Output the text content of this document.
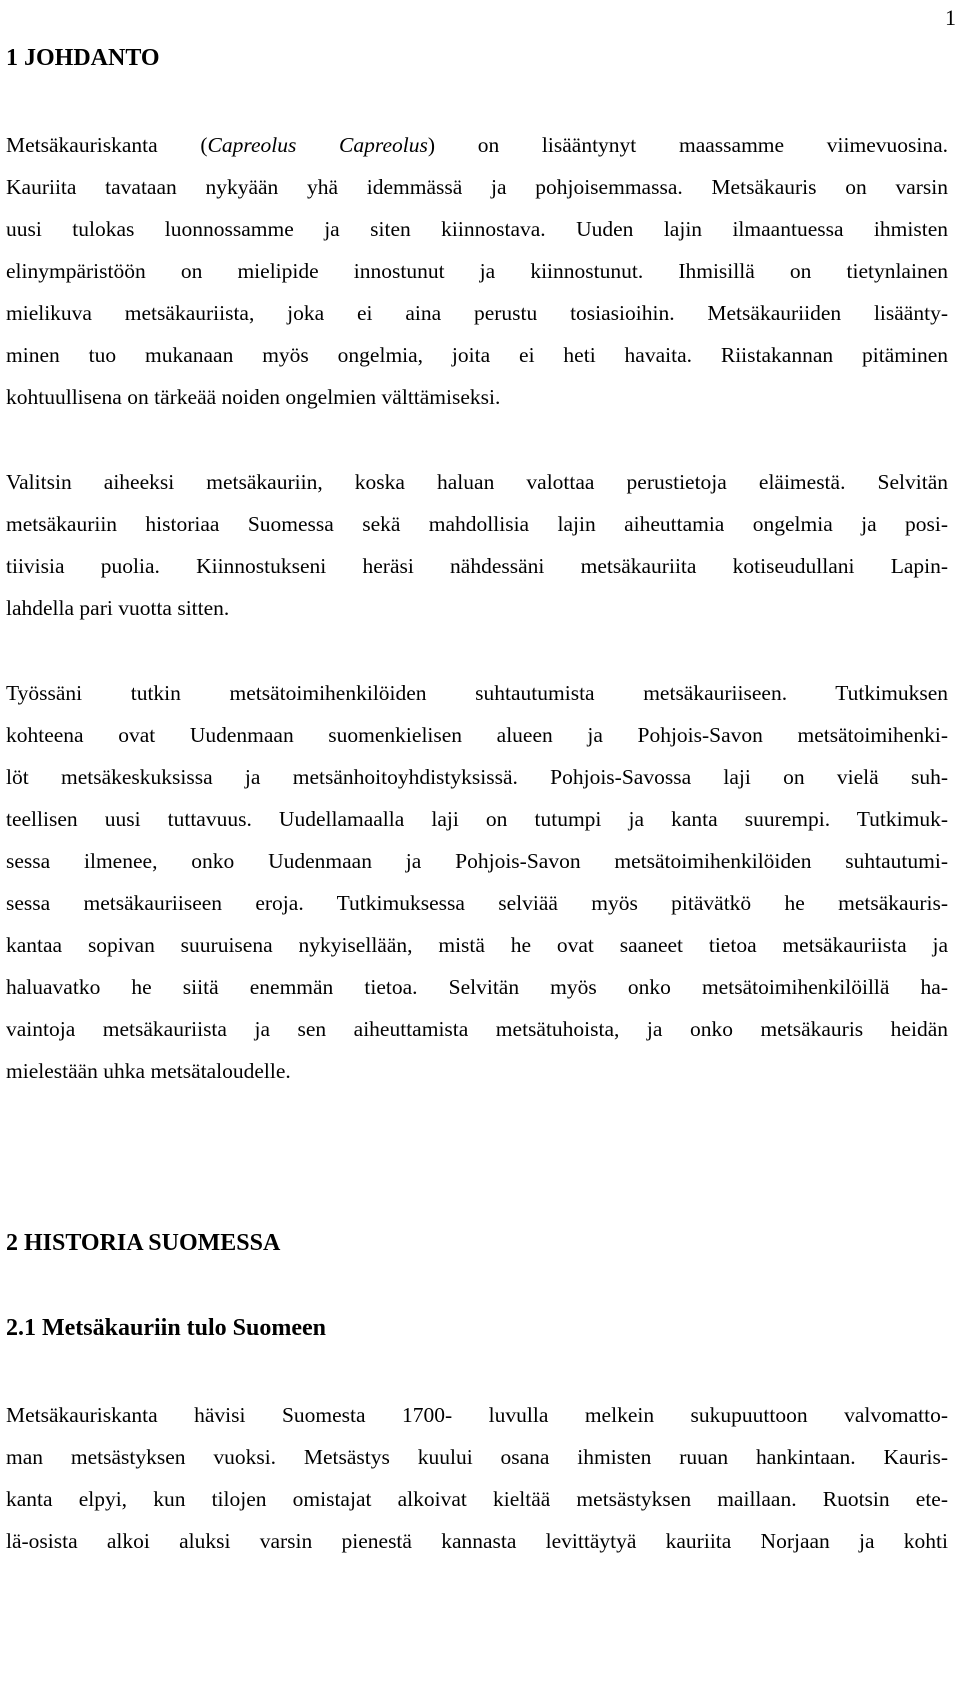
1
1 JOHDANTO
Metsäkauriskanta (Capreolus Capreolus) on lisääntynyt maassamme viimevuosina.
Kauriita tavataan nykyään yhä idemmässä ja pohjoisemmassa. Metsäkauris on varsin
uusi tulokas luonnossamme ja siten kiinnostava. Uuden lajin ilmaantuessa ihmisten
elinympäristöön on mielipide innostunut ja kiinnostunut. Ihmisillä on tietynlainen
mielikuva metsäkauriista, joka ei aina perustu tosiasioihin. Metsäkauriiden lisäänty-
minen tuo mukanaan myös ongelmia, joita ei heti havaita. Riistakannan pitäminen
kohtuullisena on tärkeää noiden ongelmien välttämiseksi.
Valitsin aiheeksi metsäkauriin, koska haluan valottaa perustietoja eläimestä. Selvitän
metsäkauriin historiaa Suomessa sekä mahdollisia lajin aiheuttamia ongelmia ja posi-
tiivisia puolia. Kiinnostukseni heräsi nähdessäni metsäkauriita kotiseudullani Lapin-
lahdella pari vuotta sitten.
Työssäni tutkin metsätoimihenkilöiden suhtautumista metsäkauriiseen. Tutkimuksen
kohteena ovat Uudenmaan suomenkielisen alueen ja Pohjois-Savon metsätoimihenki-
löt metsäkeskuksissa ja metsänhoitoyhdistyksissä. Pohjois-Savossa laji on vielä suh-
teellisen uusi tuttavuus. Uudellamaalla laji on tutumpi ja kanta suurempi. Tutkimuk-
sessa ilmenee, onko Uudenmaan ja Pohjois-Savon metsätoimihenkilöiden suhtautumi-
sessa metsäkauriiseen eroja. Tutkimuksessa selviää myös pitävätkö he metsäkauris-
kantaa sopivan suuruisena nykyisellään, mistä he ovat saaneet tietoa metsäkauriista ja
haluavatko he siitä enemmän tietoa. Selvitän myös onko metsätoimihenkilöillä ha-
vaintoja metsäkauriista ja sen aiheuttamista metsätuhoista, ja onko metsäkauris heidän
mielestään uhka metsätaloudelle.
2 HISTORIA SUOMESSA
2.1 Metsäkauriin tulo Suomeen
Metsäkauriskanta hävisi Suomesta 1700- luvulla melkein sukupuuttoon valvomatto-
man metsästyksen vuoksi. Metsästys kuului osana ihmisten ruuan hankintaan. Kauris-
kanta elpyi, kun tilojen omistajat alkoivat kieltää metsästyksen maillaan. Ruotsin ete-
lä-osista alkoi aluksi varsin pienestä kannasta levittäytyä kauriita Norjaan ja kohti
